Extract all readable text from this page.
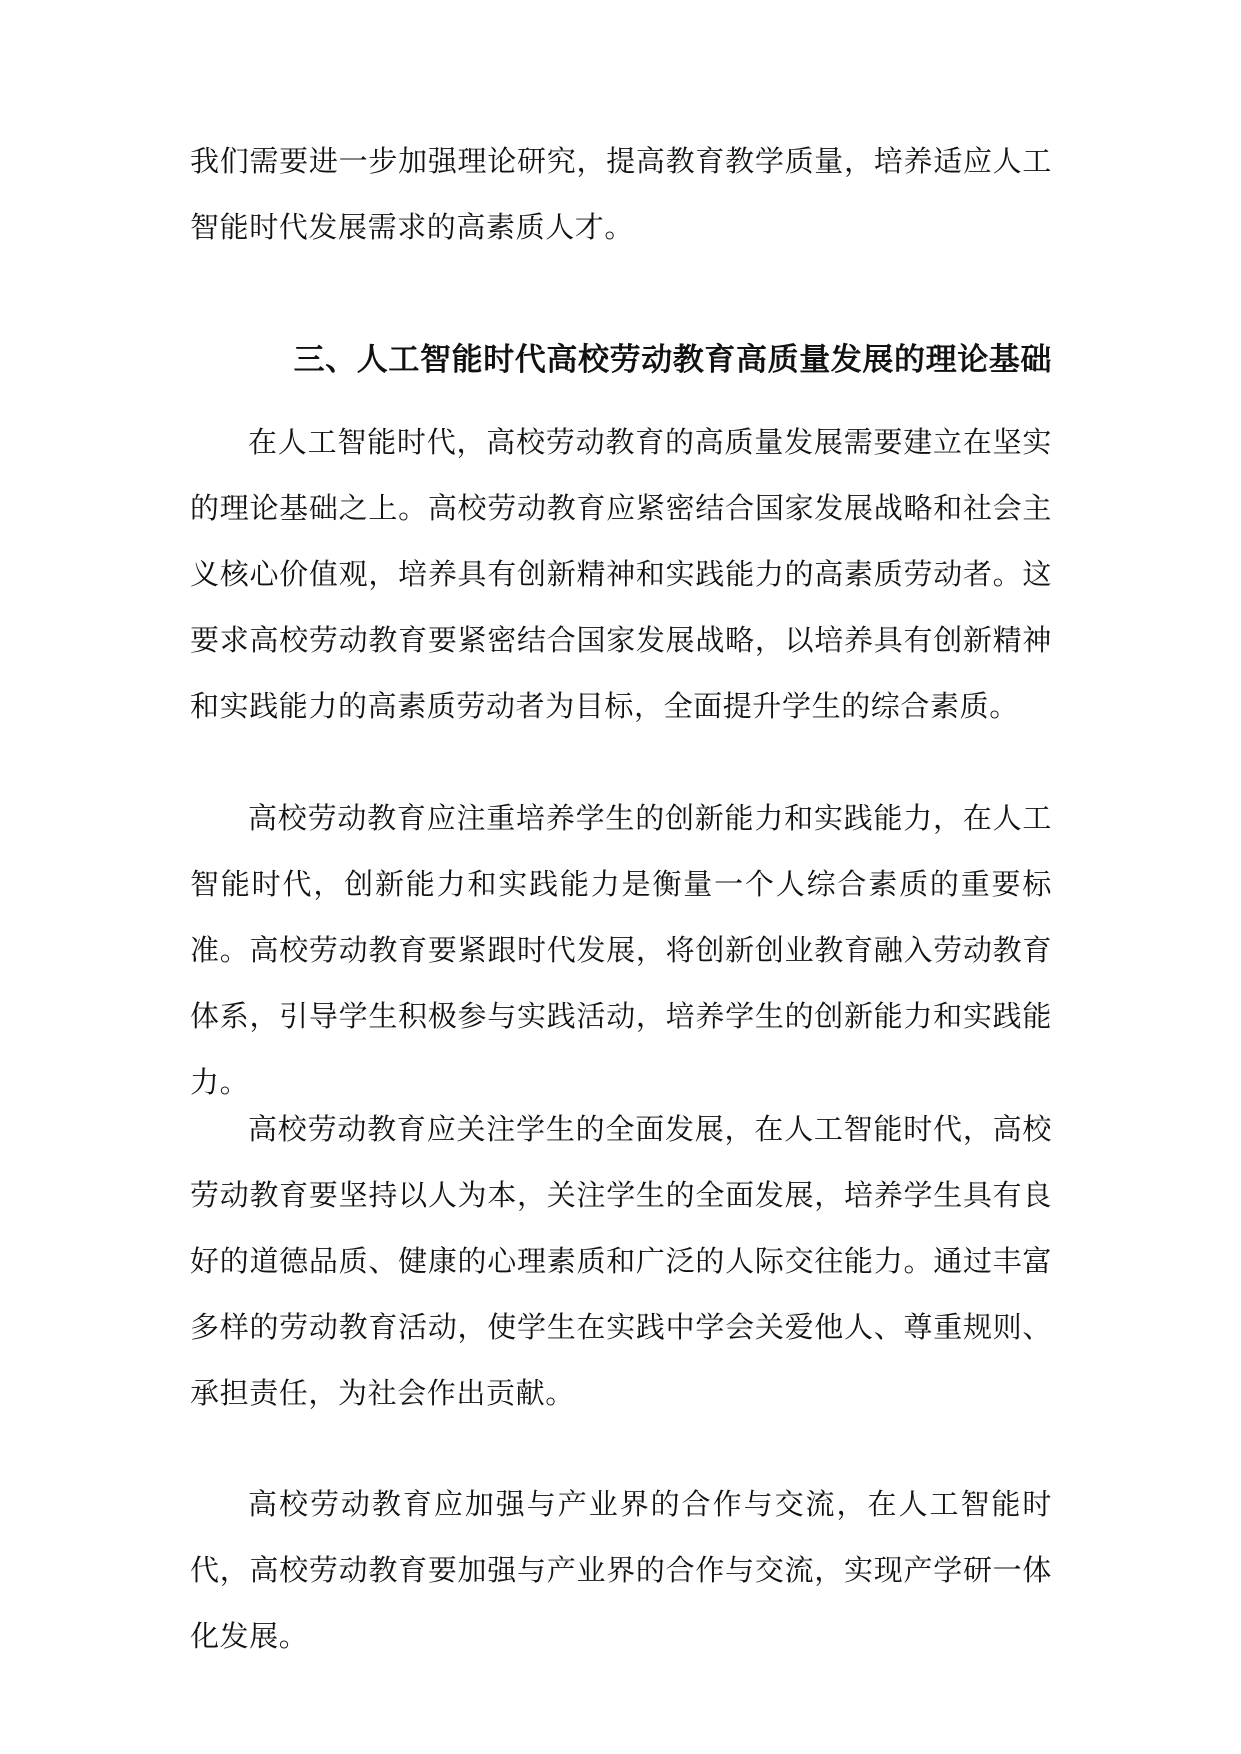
我们需要进一步加强理论研究，提高教育教学质量，培养适应人工智能时代发展需求的高素质人才。

三、人工智能时代高校劳动教育高质量发展的理论基础

在人工智能时代，高校劳动教育的高质量发展需要建立在坚实的理论基础之上。高校劳动教育应紧密结合国家发展战略和社会主义核心价值观，培养具有创新精神和实践能力的高素质劳动者。这要求高校劳动教育要紧密结合国家发展战略，以培养具有创新精神和实践能力的高素质劳动者为目标，全面提升学生的综合素质。

高校劳动教育应注重培养学生的创新能力和实践能力，在人工智能时代，创新能力和实践能力是衡量一个人综合素质的重要标准。高校劳动教育要紧跟时代发展，将创新创业教育融入劳动教育体系，引导学生积极参与实践活动，培养学生的创新能力和实践能力。

高校劳动教育应关注学生的全面发展，在人工智能时代，高校劳动教育要坚持以人为本，关注学生的全面发展，培养学生具有良好的道德品质、健康的心理素质和广泛的人际交往能力。通过丰富多样的劳动教育活动，使学生在实践中学会关爱他人、尊重规则、承担责任，为社会作出贡献。

高校劳动教育应加强与产业界的合作与交流，在人工智能时代，高校劳动教育要加强与产业界的合作与交流，实现产学研一体化发展。
